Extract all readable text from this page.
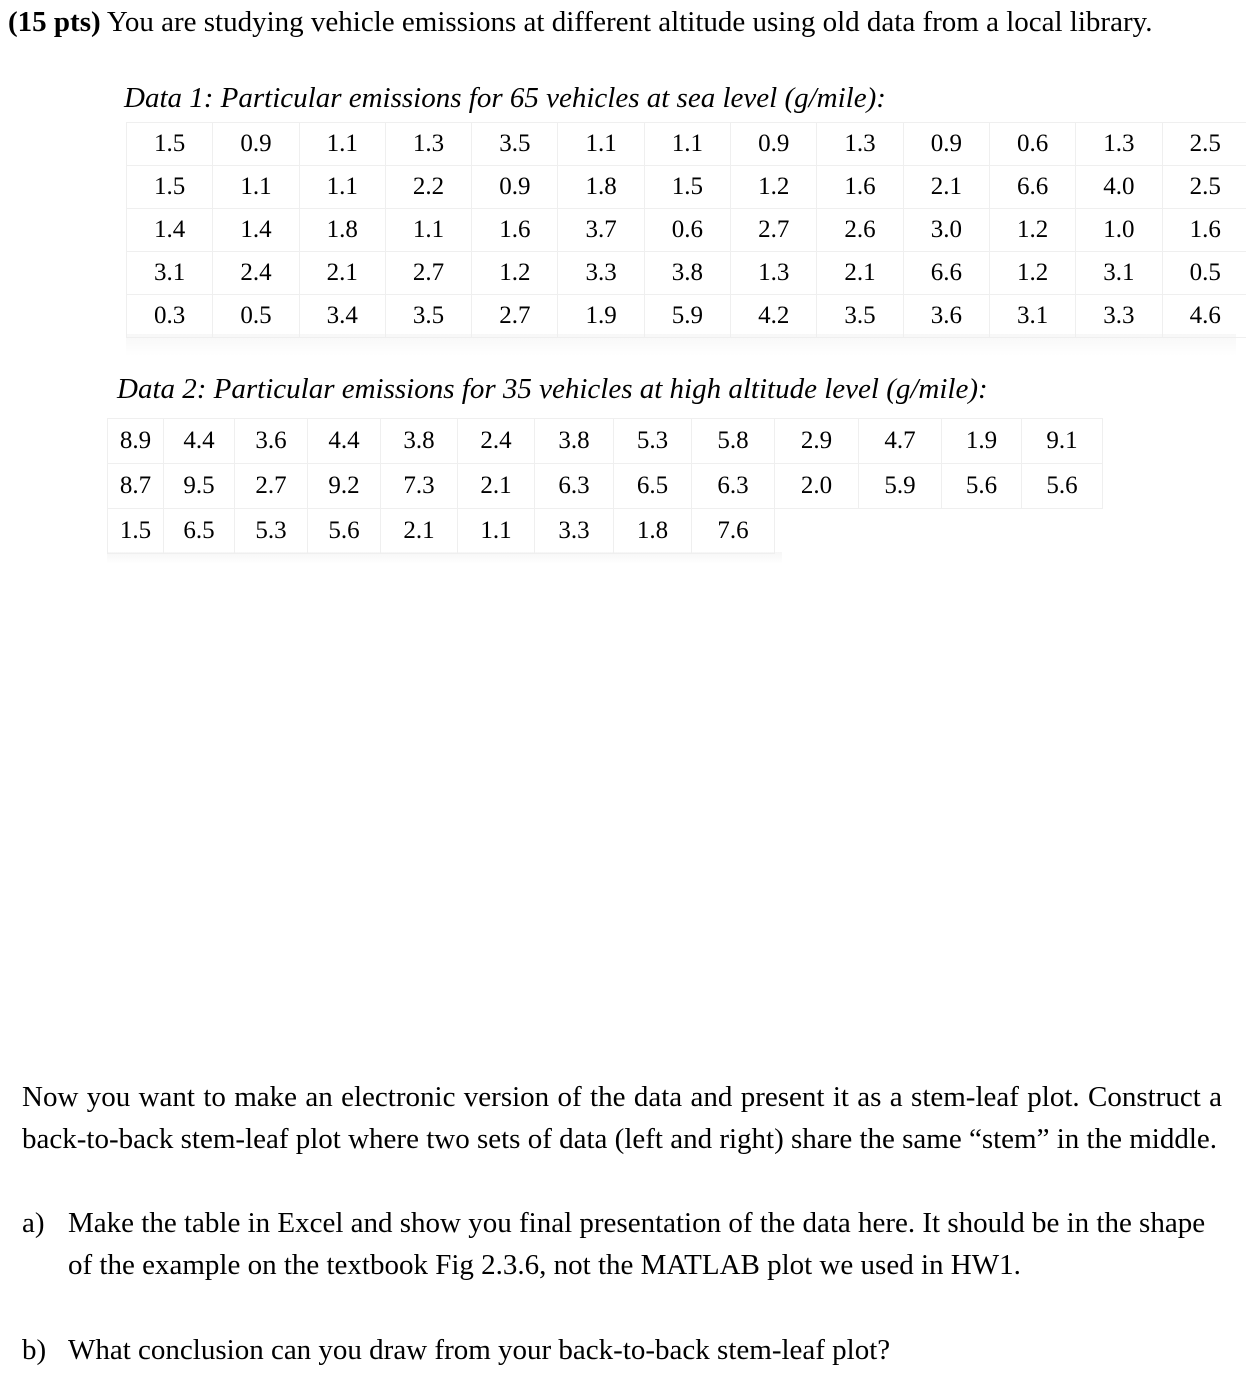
(15 pts) You are studying vehicle emissions at different altitude using old data from a local library.
Data 1: Particular emissions for 65 vehicles at sea level (g/mile):
1.5	0.9	1.1	1.3	3.5	1.1	1.1	0.9	1.3	0.9	0.6	1.3	2.5
1.5	1.1	1.1	2.2	0.9	1.8	1.5	1.2	1.6	2.1	6.6	4.0	2.5
1.4	1.4	1.8	1.1	1.6	3.7	0.6	2.7	2.6	3.0	1.2	1.0	1.6
3.1	2.4	2.1	2.7	1.2	3.3	3.8	1.3	2.1	6.6	1.2	3.1	0.5
0.3	0.5	3.4	3.5	2.7	1.9	5.9	4.2	3.5	3.6	3.1	3.3	4.6
Data 2: Particular emissions for 35 vehicles at high altitude level (g/mile):
8.9	4.4	3.6	4.4	3.8	2.4	3.8	5.3	5.8	2.9	4.7	1.9	9.1
8.7	9.5	2.7	9.2	7.3	2.1	6.3	6.5	6.3	2.0	5.9	5.6	5.6
1.5	6.5	5.3	5.6	2.1	1.1	3.3	1.8	7.6				
Now you want to make an electronic version of the data and present it as a stem-leaf plot. Construct a back-to-back stem-leaf plot where two sets of data (left and right) share the same “stem” in the middle.
a) Make the table in Excel and show you final presentation of the data here. It should be in the shape of the example on the textbook Fig 2.3.6, not the MATLAB plot we used in HW1.
b) What conclusion can you draw from your back-to-back stem-leaf plot?
